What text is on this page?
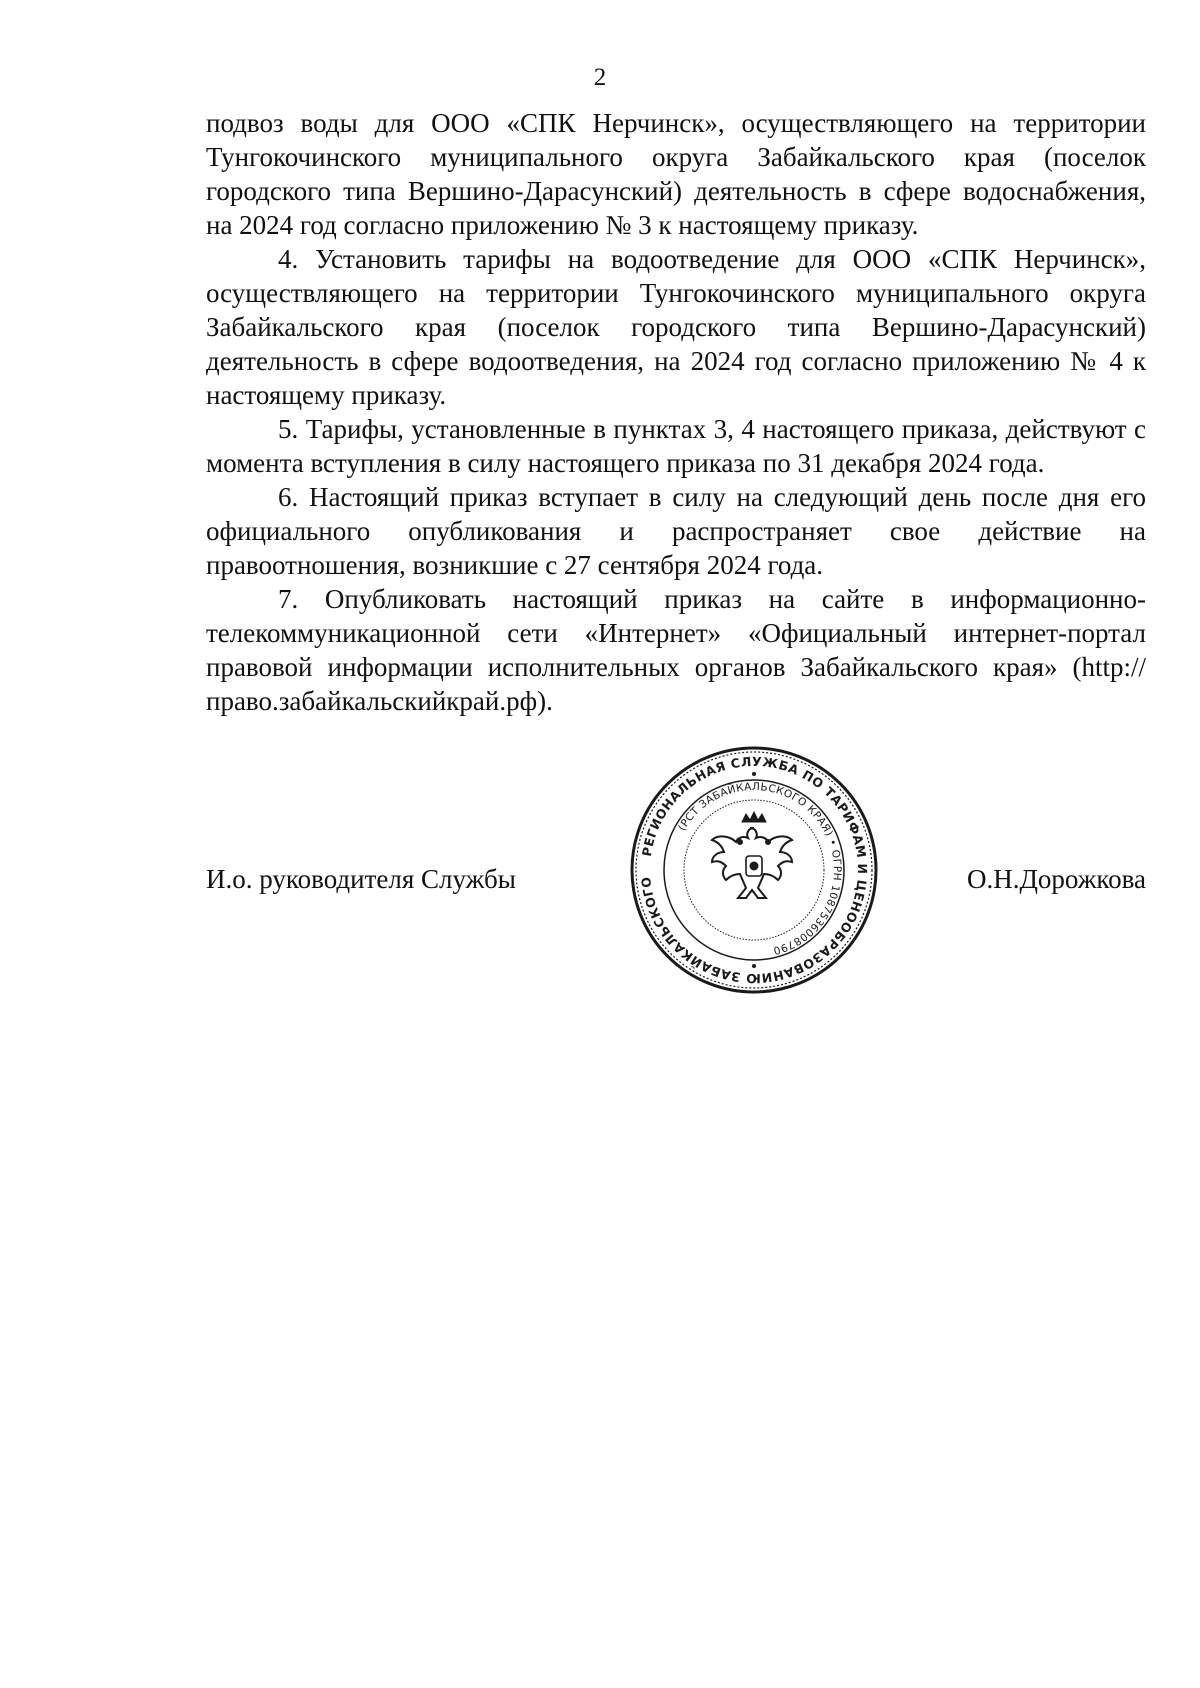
2

подвоз воды для ООО «СПК Нерчинск», осуществляющего на территории Тунгокочинского муниципального округа Забайкальского края (поселок городского типа Вершино-Дарасунский) деятельность в сфере водоснабжения, на 2024 год согласно приложению № 3 к настоящему приказу.

4. Установить тарифы на водоотведение для ООО «СПК Нерчинск», осуществляющего на территории Тунгокочинского муниципального округа Забайкальского края (поселок городского типа Вершино-Дарасунский) деятельность в сфере водоотведения, на 2024 год согласно приложению № 4 к настоящему приказу.

5. Тарифы, установленные в пунктах 3, 4 настоящего приказа, действуют с момента вступления в силу настоящего приказа по 31 декабря 2024 года.

6. Настоящий приказ вступает в силу на следующий день после дня его официального опубликования и распространяет свое действие на правоотношения, возникшие с 27 сентября 2024 года.

7. Опубликовать настоящий приказ на сайте в информационно-телекоммуникационной сети «Интернет» «Официальный интернет-портал правовой информации исполнительных органов Забайкальского края» (http://право.забайкальскийкрай.рф).

И.о. руководителя Службы	О.Н.Дорожкова
РЕГИОНАЛЬНАЯ СЛУЖБА ПО ТАРИФАМ И ЦЕНООБРАЗОВАНИЮ ЗАБАЙКАЛЬСКОГО
(РСТ ЗАБАЙКАЛЬСКОГО КРАЯ) • ОГРН 1087536008790
